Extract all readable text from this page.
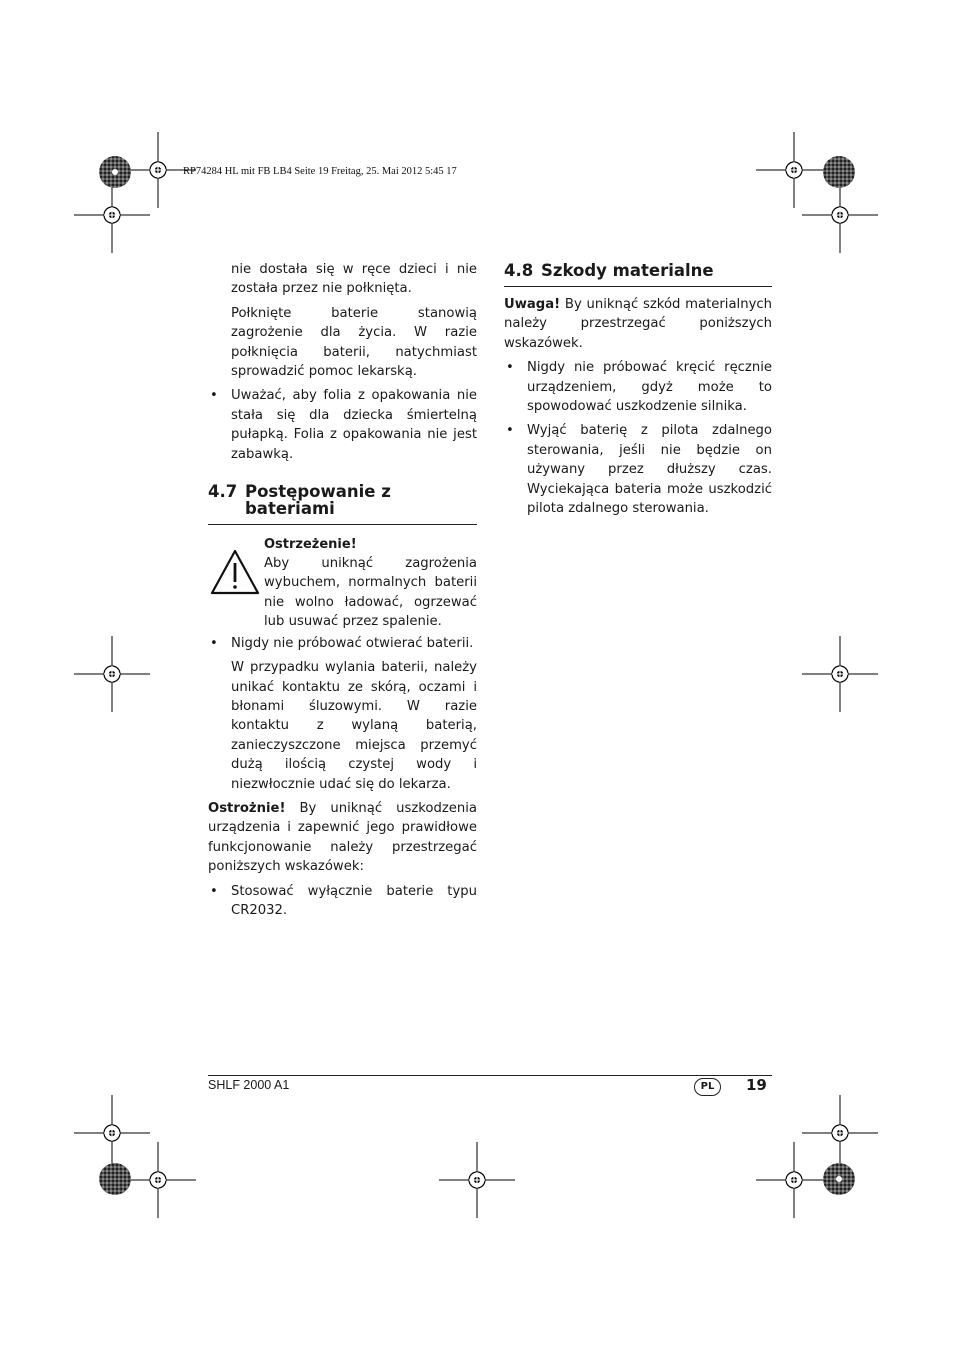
RP74284 HL mit FB LB4 Seite 19 Freitag, 25. Mai 2012 5:45 17

nie dostała się w ręce dzieci i nie została przez nie połknięta.

Połknięte baterie stanowią zagrożenie dla życia. W razie połknięcia baterii, natychmiast sprowadzić pomoc lekarską.

• Uważać, aby folia z opakowania nie stała się dla dziecka śmiertelną pułapką. Folia z opakowania nie jest zabawką.
4.7 Postępowanie z
bateriami
Ostrzeżenie!
Aby uniknąć zagrożenia wybuchem, normalnych baterii nie wolno ładować, ogrzewać lub usuwać przez spalenie.
• Nigdy nie próbować otwierać baterii.

W przypadku wylania baterii, należy unikać kontaktu ze skórą, oczami i błonami śluzowymi. W razie kontaktu z wylaną baterią, zanieczyszczone miejsca przemyć dużą ilością czystej wody i niezwłocznie udać się do lekarza.

Ostrożnie! By uniknąć uszkodzenia urządzenia i zapewnić jego prawidłowe funkcjonowanie należy przestrzegać poniższych wskazówek:

• Stosować wyłącznie baterie typu CR2032.
4.8 Szkody materialne

Uwaga! By uniknąć szkód materialnych należy przestrzegać poniższych wskazówek.

• Nigdy nie próbować kręcić ręcznie urządzeniem, gdyż może to spowodować uszkodzenie silnika.
• Wyjąć baterię z pilota zdalnego sterowania, jeśli nie będzie on używany przez dłuższy czas. Wyciekająca bateria może uszkodzić pilota zdalnego sterowania.
SHLF 2000 A1	PL	19
